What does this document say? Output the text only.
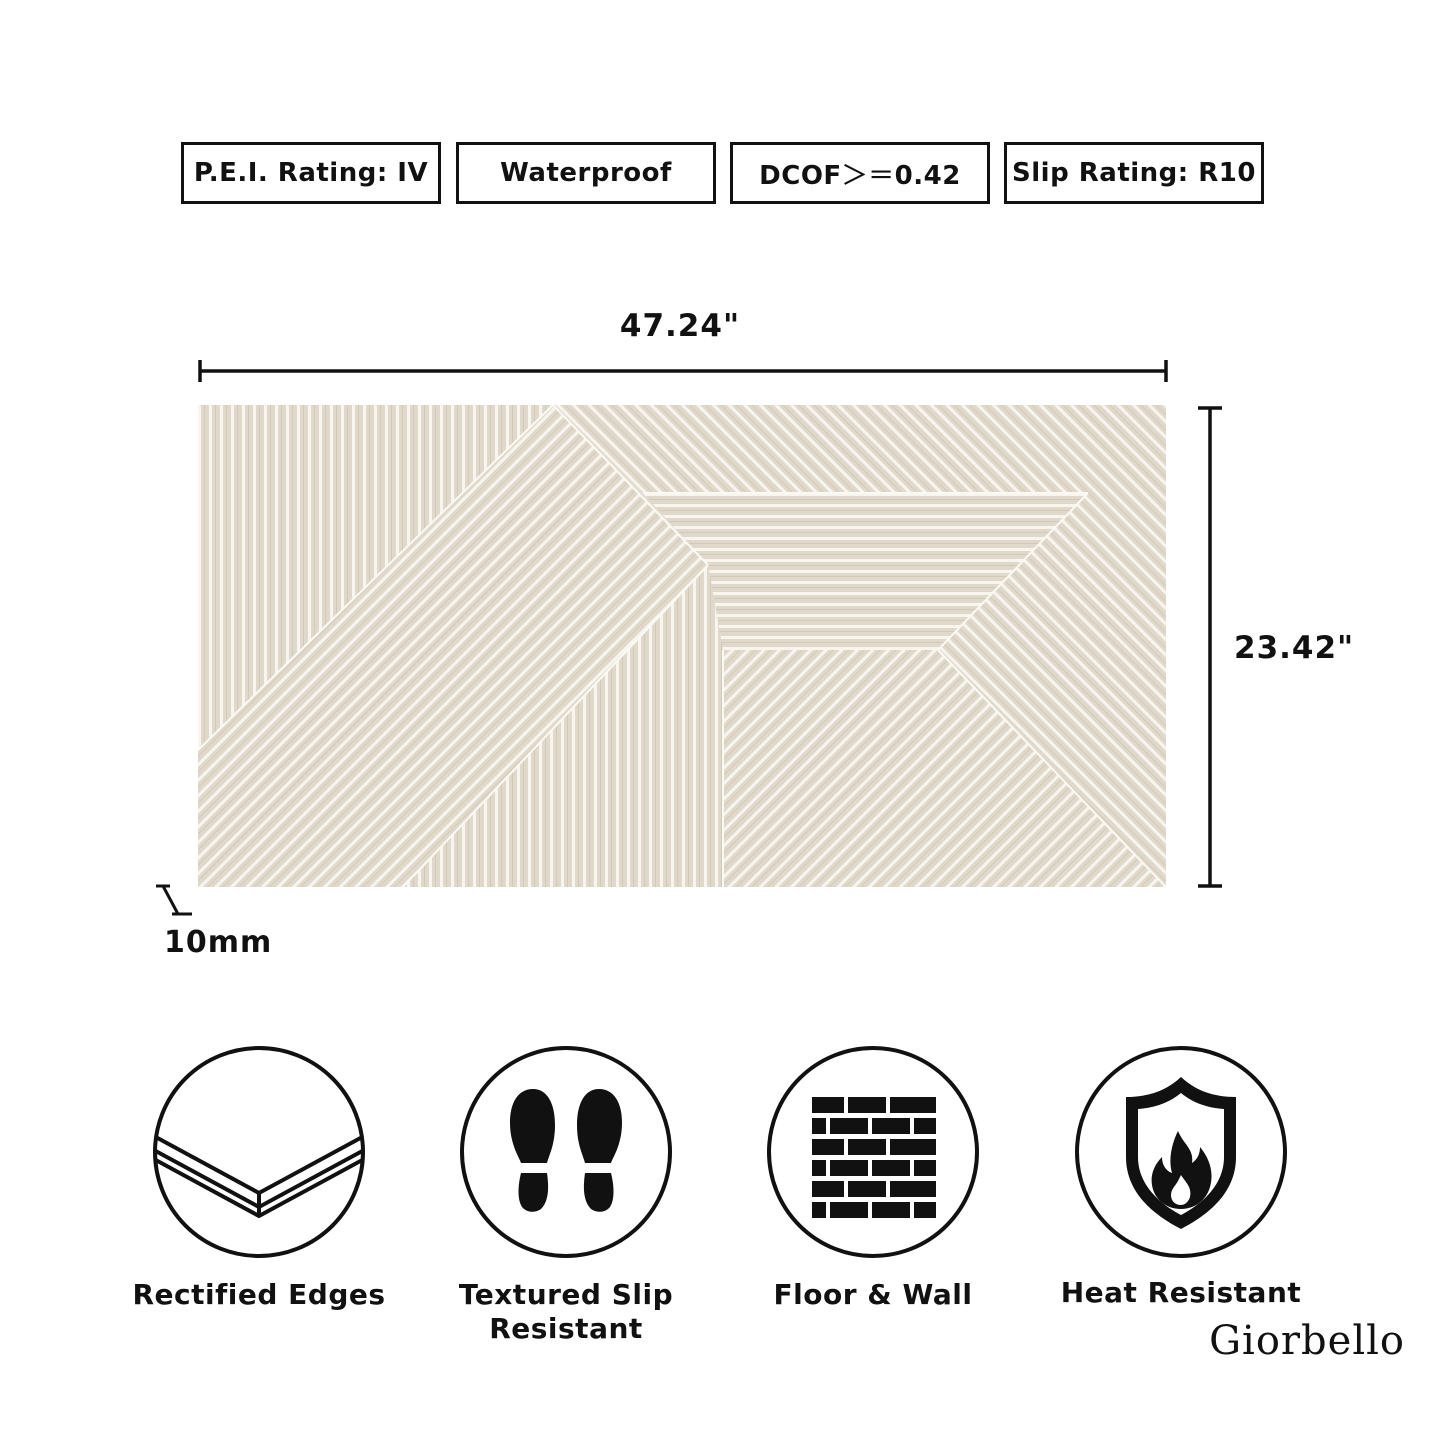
P.E.I. Rating: IV	Waterproof	DCOF＞＝0.42 Slip Rating: R10
47.24"
23.42"
10mm
Rectified Edges	Textured Slip
Resistant
Floor & Wall	Heat Resistant
Giorbello
